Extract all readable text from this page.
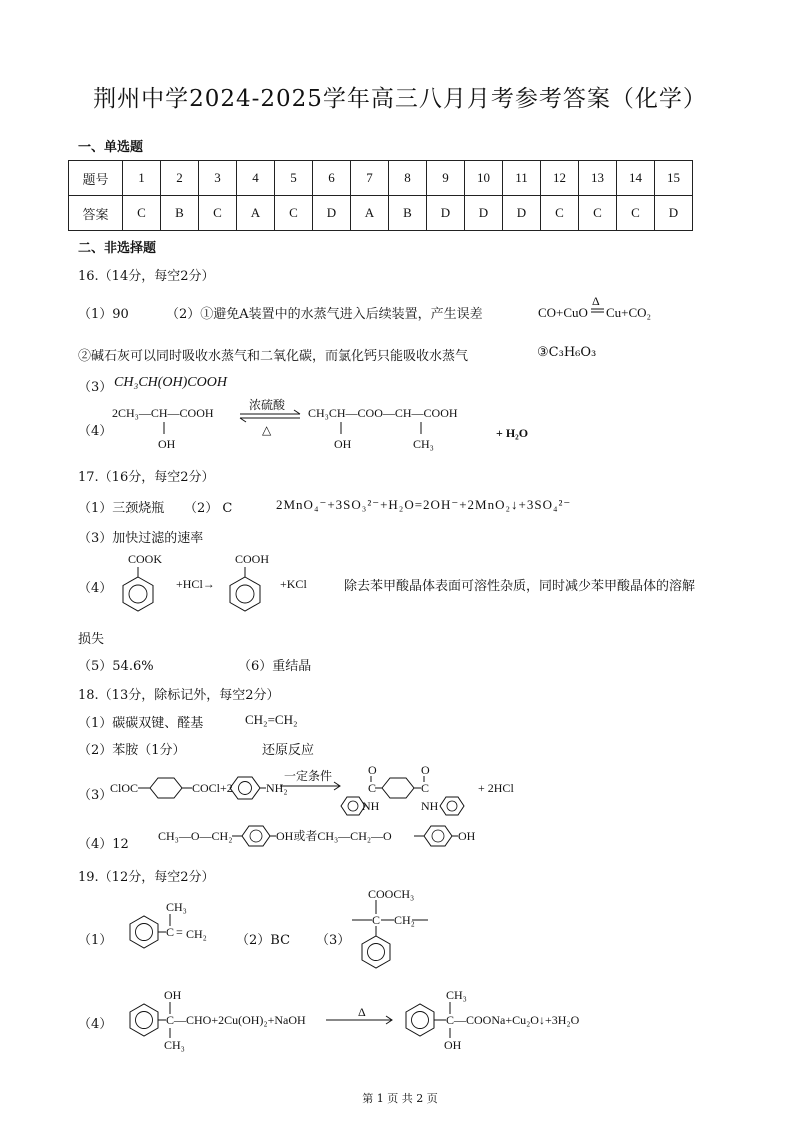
荆州中学2024-2025学年高三八月月考参考答案（化学）
一、单选题
题号	1	2	3	4	5	6	7	8	9	10	11	12	13	14	15
答案	C	B	C	A	C	D	A	B	D	D	D	C	C	C	D
二、非选择题
16.（14分，每空2分）
（1）90	（2）①避免A装置中的水蒸气进入后续装置，产生误差	CO+CuO
Δ
Cu+CO₂
②碱石灰可以同时吸收水蒸气和二氧化碳，而氯化钙只能吸收水蒸气	③C₃H₆O₃
（3） CH₃CH(OH)COOH
（4）
2CH₃—CH—COOH
OH
浓硫酸
△
CH₃CH—COO—CH—COOH
OH	CH₃
+ H₂O
17.（16分，每空2分）
（1）三颈烧瓶 （2） C	2MnO₄⁻+3SO₃²⁻+H₂O=2OH⁻+2MnO₂↓+3SO₄²⁻
（3）加快过滤的速率
（4）
COOK
+HCl→
COOH
+KCl	除去苯甲酸晶体表面可溶性杂质，同时减少苯甲酸晶体的溶解
损失
（5）54.6%	（6）重结晶
18.（13分，除标记外，每空2分）
（1）碳碳双键、醛基	CH₂=CH₂
（2）苯胺（1分）	还原反应
（3）
ClOC	COCl+2	NH₂
一定条件	O
C
O
C
NH	NH
+ 2HCl
（4）12
CH₃—O—CH₂	OH或者CH₃—CH₂—O	OH
19.（12分，每空2分）
（1）
CH₃
C = CH₂ （2）BC （3）
COOCH₃
C CH₂
（4）
OH
C
CH₃
—CHO+2Cu(OH)₂+NaOH
Δ
CH₃
C
OH
—COONa+Cu₂O↓+3H₂O
第 1 页 共 2 页
